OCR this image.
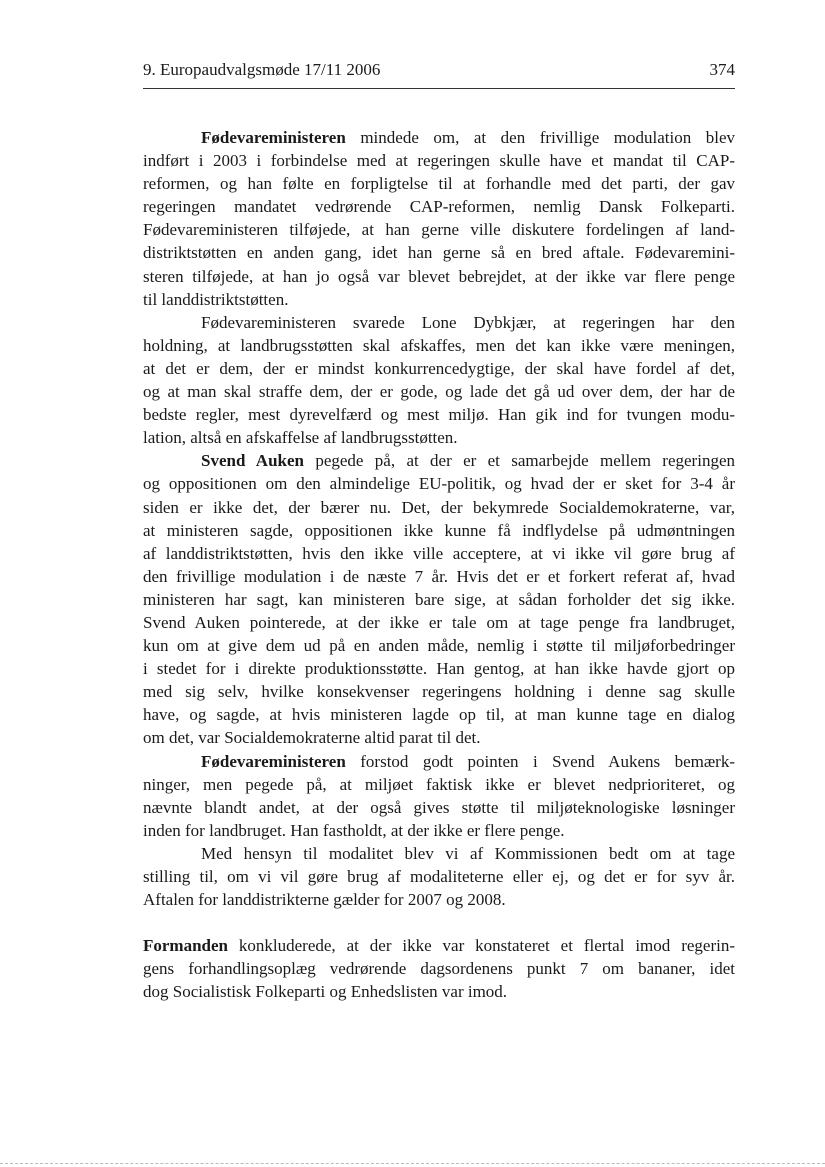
9. Europaudvalgsmøde 17/11 2006	374
Fødevareministeren mindede om, at den frivillige modulation blev
indført i 2003 i forbindelse med at regeringen skulle have et mandat til CAP-
reformen, og han følte en forpligtelse til at forhandle med det parti, der gav
regeringen mandatet vedrørende CAP-reformen, nemlig Dansk Folkeparti.
Fødevareministeren tilføjede, at han gerne ville diskutere fordelingen af land-
distriktstøtten en anden gang, idet han gerne så en bred aftale. Fødevaremini-
steren tilføjede, at han jo også var blevet bebrejdet, at der ikke var flere penge
til landdistriktstøtten.
Fødevareministeren svarede Lone Dybkjær, at regeringen har den
holdning, at landbrugsstøtten skal afskaffes, men det kan ikke være meningen,
at det er dem, der er mindst konkurrencedygtige, der skal have fordel af det,
og at man skal straffe dem, der er gode, og lade det gå ud over dem, der har de
bedste regler, mest dyrevelfærd og mest miljø. Han gik ind for tvungen modu-
lation, altså en afskaffelse af landbrugsstøtten.
Svend Auken pegede på, at der er et samarbejde mellem regeringen
og oppositionen om den almindelige EU-politik, og hvad der er sket for 3-4 år
siden er ikke det, der bærer nu. Det, der bekymrede Socialdemokraterne, var,
at ministeren sagde, oppositionen ikke kunne få indflydelse på udmøntningen
af landdistriktstøtten, hvis den ikke ville acceptere, at vi ikke vil gøre brug af
den frivillige modulation i de næste 7 år. Hvis det er et forkert referat af, hvad
ministeren har sagt, kan ministeren bare sige, at sådan forholder det sig ikke.
Svend Auken pointerede, at der ikke er tale om at tage penge fra landbruget,
kun om at give dem ud på en anden måde, nemlig i støtte til miljøforbedringer
i stedet for i direkte produktionsstøtte. Han gentog, at han ikke havde gjort op
med sig selv, hvilke konsekvenser regeringens holdning i denne sag skulle
have, og sagde, at hvis ministeren lagde op til, at man kunne tage en dialog
om det, var Socialdemokraterne altid parat til det.
Fødevareministeren forstod godt pointen i Svend Aukens bemærk-
ninger, men pegede på, at miljøet faktisk ikke er blevet nedprioriteret, og
nævnte blandt andet, at der også gives støtte til miljøteknologiske løsninger
inden for landbruget. Han fastholdt, at der ikke er flere penge.
Med hensyn til modalitet blev vi af Kommissionen bedt om at tage
stilling til, om vi vil gøre brug af modaliteterne eller ej, og det er for syv år.
Aftalen for landdistrikterne gælder for 2007 og 2008.
Formanden konkluderede, at der ikke var konstateret et flertal imod regerin-
gens forhandlingsoplæg vedrørende dagsordenens punkt 7 om bananer, idet
dog Socialistisk Folkeparti og Enhedslisten var imod.
